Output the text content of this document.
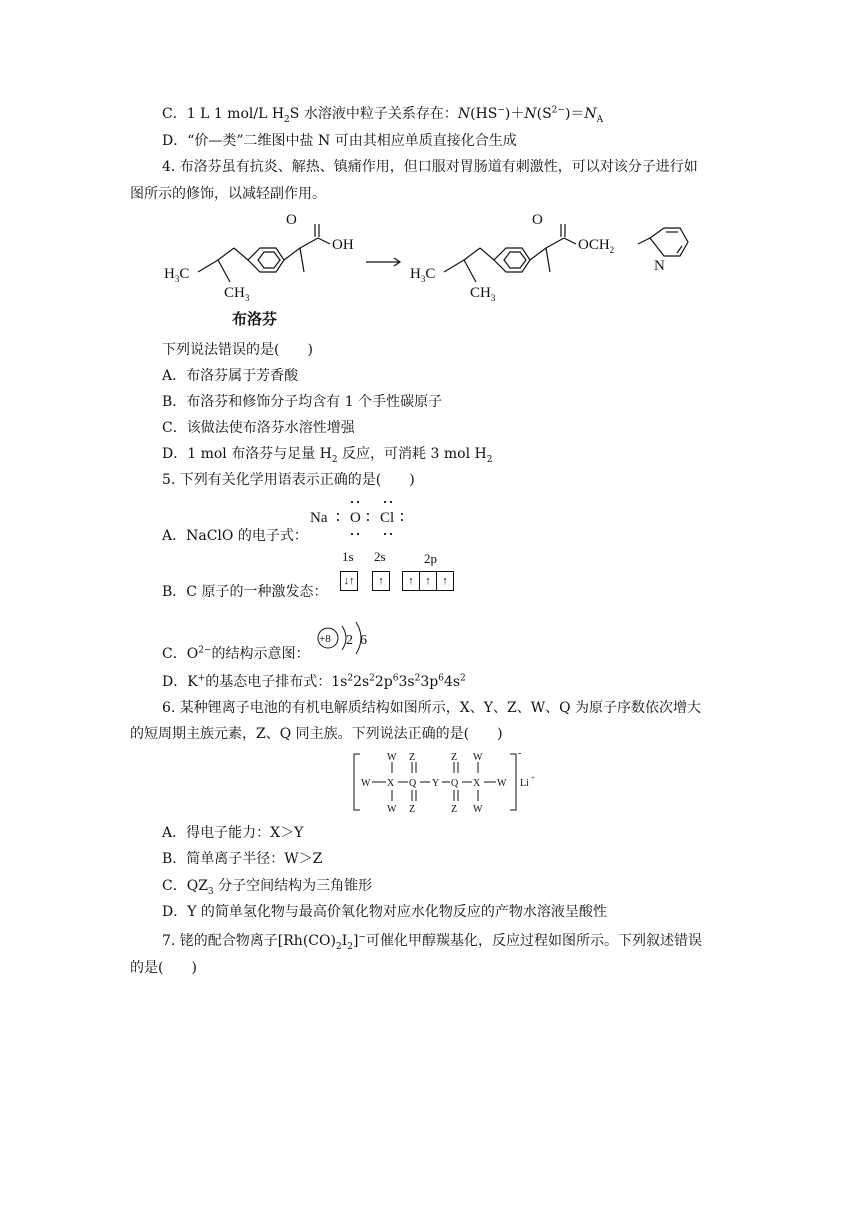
C．1 L 1 mol/L $H_2S$ 水溶液中粒子关系存在：$N(HS^-)+N(S^{2-})=N_A$
D．“价—类”二维图中盐 N 可由其相应单质直接化合生成
4. 布洛芬虽有抗炎、解热、镇痛作用，但口服对胃肠道有刺激性，可以对该分子进行如
图所示的修饰，以减轻副作用。
O
OH
$H_3C$
$CH_3$
O
$OCH_2$
$H_3C$
$CH_3$
N
布洛芬
下列说法错误的是(　　)
A．布洛芬属于芳香酸
B．布洛芬和修饰分子均含有 1 个手性碳原子
C．该做法使布洛芬水溶性增强
D．1 mol 布洛芬与足量 $H_2$ 反应，可消耗 3 mol $H_2$
5. 下列有关化学用语表示正确的是(　　)
A．NaClO 的电子式：
Na ∶ O ∶ Cl ∶
B．C 原子的一种激发态：
1s 2s	2p
↓↑	↑	↑ ↑ ↑
C．$O^{2-}$的结构示意图：
+8 2 6
D．K+的基态电子排布式：$1s^22s^22p^63s^23p^64s^2$
6. 某种锂离子电池的有机电解质结构如图所示，X、Y、Z、W、Q 为原子序数依次增大
的短周期主族元素，Z、Q 同主族。下列说法正确的是(　　)
W X Q Y Q X W
W
W
Z
Z
Z
Z
W
W
-
Li +
A．得电子能力：X＞Y
B．简单离子半径：W＞Z
C．$QZ_3$ 分子空间结构为三角锥形
D．Y 的简单氢化物与最高价氧化物对应水化物反应的产物水溶液呈酸性
7. 铑的配合物离子$[Rh(CO)_2I_2]^-$可催化甲醇羰基化，反应过程如图所示。下列叙述错误
的是(　　)
